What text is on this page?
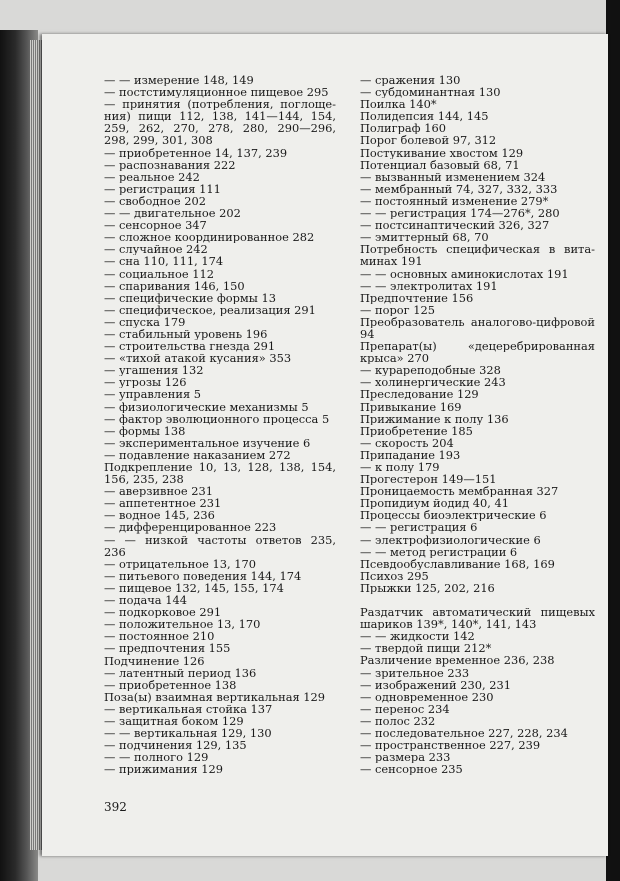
— — измерение 148, 149
— постстимуляционное пищевое 295
— принятия (потребления, поглоще-
ния) пищи 112, 138, 141—144, 154,
259, 262, 270, 278, 280, 290—296,
298, 299, 301, 308
— приобретенное 14, 137, 239
— распознавания 222
— реальное 242
— регистрация 111
— свободное 202
— — двигательное 202
— сенсорное 347
— сложное координированное 282
— случайное 242
— сна 110, 111, 174
— социальное 112
— спаривания 146, 150
— специфические формы 13
— специфическое, реализация 291
— спуска 179
— стабильный уровень 196
— строительства гнезда 291
— «тихой атакой кусания» 353
— угашения 132
— угрозы 126
— управления 5
— физиологические механизмы 5
— фактор эволюционного процесса 5
— формы 138
— экспериментальное изучение 6
— подавление наказанием 272
Подкрепление 10, 13, 128, 138, 154,
156, 235, 238
— аверзивное 231
— аппетентное 231
— водное 145, 236
— дифференцированное 223
— — низкой частоты ответов 235,
236
— отрицательное 13, 170
— питьевого поведения 144, 174
— пищевое 132, 145, 155, 174
— подача 144
— подкорковое 291
— положительное 13, 170
— постоянное 210
— предпочтения 155
Подчинение 126
— латентный период 136
— приобретенное 138
Поза(ы) взаимная вертикальная 129
— вертикальная стойка 137
— защитная боком 129
— — вертикальная 129, 130
— подчинения 129, 135
— — полного 129
— прижимания 129
— сражения 130
— субдоминантная 130
Поилка 140*
Полидепсия 144, 145
Полиграф 160
Порог болевой 97, 312
Постукивание хвостом 129
Потенциал базовый 68, 71
— вызванный изменением 324
— мембранный 74, 327, 332, 333
— постоянный изменение 279*
— — регистрация 174—276*, 280
— постсинаптический 326, 327
— эмиттерный 68, 70
Потребность специфическая в вита-
минах 191
— — основных аминокислотах 191
— — электролитах 191
Предпочтение 156
— порог 125
Преобразователь аналогово-цифровой
94
Препарат(ы) «децеребрированная
крыса» 270
— курареподобные 328
— холинергические 243
Преследование 129
Привыкание 169
Прижимание к полу 136
Приобретение 185
— скорость 204
Припадание 193
— к полу 179
Прогестерон 149—151
Проницаемость мембранная 327
Пропидиум йодид 40, 41
Процессы биоэлектрические 6
— — регистрация 6
— электрофизиологические 6
— — метод регистрации 6
Псевдообуславливание 168, 169
Психоз 295
Прыжки 125, 202, 216
Раздатчик автоматический пищевых
шариков 139*, 140*, 141, 143
— — жидкости 142
— твердой пищи 212*
Различение временное 236, 238
— зрительное 233
— изображений 230, 231
— одновременное 230
— перенос 234
— полос 232
— последовательное 227, 228, 234
— пространственное 227, 239
— размера 233
— сенсорное 235
392
